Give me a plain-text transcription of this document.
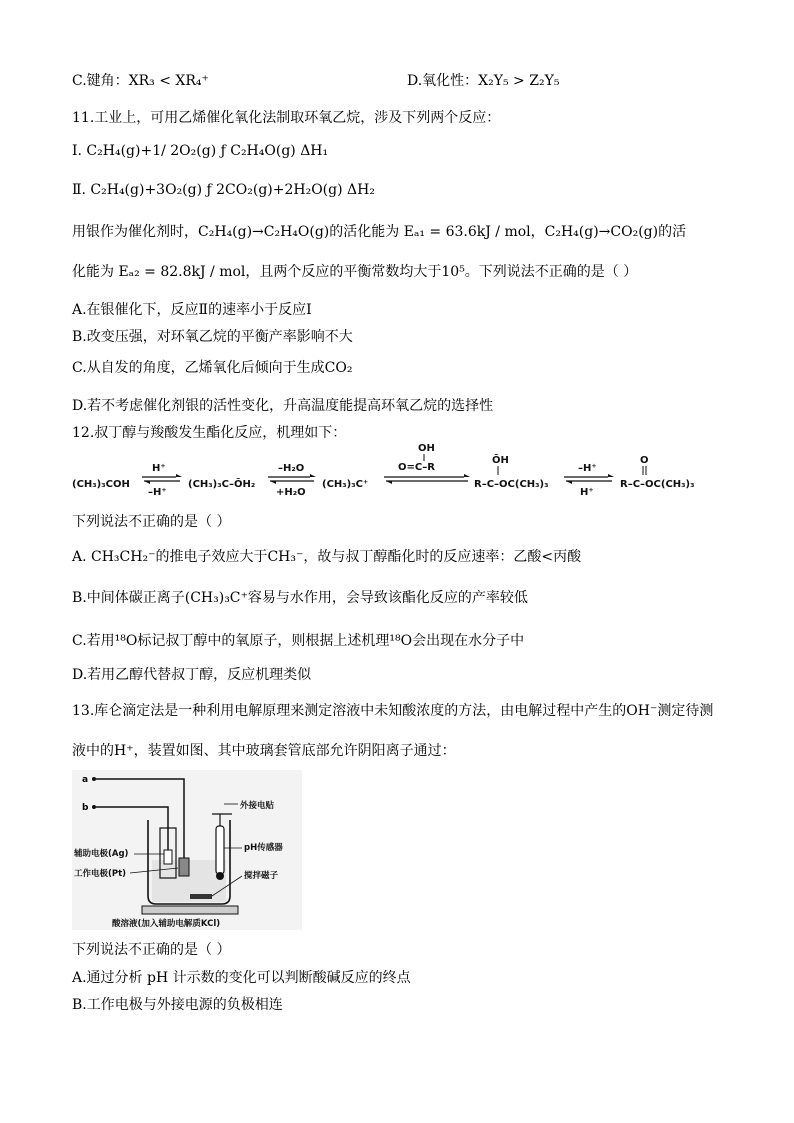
C.键角：XR₃ < XR₄⁺	D.氧化性：X₂Y₅ > Z₂Y₅
11.工业上，可用乙烯催化氧化法制取环氧乙烷，涉及下列两个反应：
Ⅰ. C₂H₄(g)+1/ 2O₂(g) ƒ C₂H₄O(g) ΔH₁
Ⅱ. C₂H₄(g)+3O₂(g) ƒ 2CO₂(g)+2H₂O(g) ΔH₂
用银作为催化剂时，C₂H₄(g)→C₂H₄O(g)的活化能为 Eₐ₁ = 63.6kJ / mol，C₂H₄(g)→CO₂(g)的活
化能为 Eₐ₂ = 82.8kJ / mol，且两个反应的平衡常数均大于10⁵。下列说法不正确的是（ ）
A.在银催化下，反应Ⅱ的速率小于反应Ⅰ
B.改变压强，对环氧乙烷的平衡产率影响不大
C.从自发的角度，乙烯氧化后倾向于生成CO₂
D.若不考虑催化剂银的活性变化，升高温度能提高环氧乙烷的选择性
12.叔丁醇与羧酸发生酯化反应，机理如下：
(CH₃)₃COH
H⁺
–H⁺
(CH₃)₃C–ŌH₂
–H₂O
+H₂O
(CH₃)₃C⁺
OH
O=C–R
ŌH
R–C–OC(CH₃)₃
–H⁺
H⁺
O
R–C–OC(CH₃)₃
下列说法不正确的是（ ）
A. CH₃CH₂⁻的推电子效应大于CH₃⁻，故与叔丁醇酯化时的反应速率：乙酸<丙酸
B.中间体碳正离子(CH₃)₃C⁺容易与水作用，会导致该酯化反应的产率较低
C.若用¹⁸O标记叔丁醇中的氧原子，则根据上述机理¹⁸O会出现在水分子中
D.若用乙醇代替叔丁醇，反应机理类似
13.库仑滴定法是一种利用电解原理来测定溶液中未知酸浓度的方法，由电解过程中产生的OH⁻测定待测
液中的H⁺，装置如图、其中玻璃套管底部允许阴阳离子通过：
a
b	外接电贴
辅助电极(Ag)
工作电极(Pt)
pH传感器
搅拌磁子
酸溶液(加入辅助电解质KCl)
下列说法不正确的是（ ）
A.通过分析 pH 计示数的变化可以判断酸碱反应的终点
B.工作电极与外接电源的负极相连
